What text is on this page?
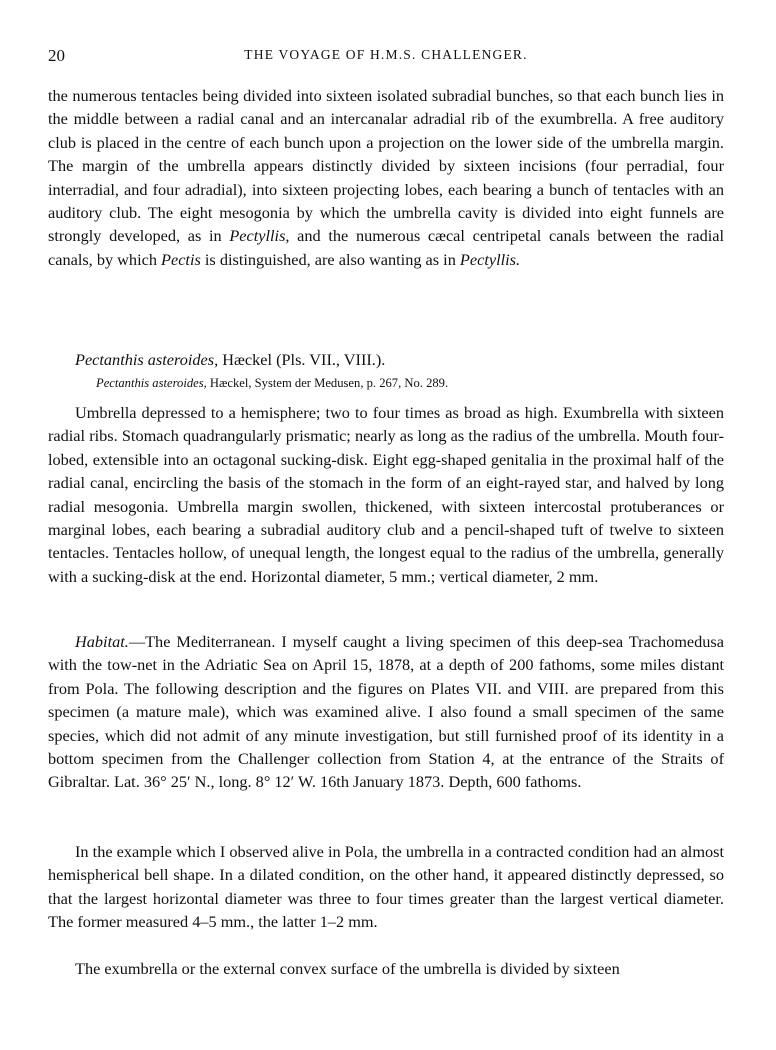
20	THE VOYAGE OF H.M.S. CHALLENGER.

the numerous tentacles being divided into sixteen isolated subradial bunches, so that each bunch lies in the middle between a radial canal and an intercanalar adradial rib of the exumbrella. A free auditory club is placed in the centre of each bunch upon a projection on the lower side of the umbrella margin. The margin of the umbrella appears distinctly divided by sixteen incisions (four perradial, four interradial, and four adradial), into sixteen projecting lobes, each bearing a bunch of tentacles with an auditory club. The eight mesogonia by which the umbrella cavity is divided into eight funnels are strongly developed, as in Pectyllis, and the numerous cæcal centripetal canals between the radial canals, by which Pectis is distinguished, are also wanting as in Pectyllis.

Pectanthis asteroides, Hæckel (Pls. VII., VIII.).

Pectanthis asteroides, Hæckel, System der Medusen, p. 267, No. 289.

Umbrella depressed to a hemisphere; two to four times as broad as high. Exumbrella with sixteen radial ribs. Stomach quadrangularly prismatic; nearly as long as the radius of the umbrella. Mouth four-lobed, extensible into an octagonal sucking-disk. Eight egg-shaped genitalia in the proximal half of the radial canal, encircling the basis of the stomach in the form of an eight-rayed star, and halved by long radial mesogonia. Umbrella margin swollen, thickened, with sixteen intercostal protuberances or marginal lobes, each bearing a subradial auditory club and a pencil-shaped tuft of twelve to sixteen tentacles. Tentacles hollow, of unequal length, the longest equal to the radius of the umbrella, generally with a sucking-disk at the end. Horizontal diameter, 5 mm.; vertical diameter, 2 mm.

Habitat.—The Mediterranean. I myself caught a living specimen of this deep-sea Trachomedusa with the tow-net in the Adriatic Sea on April 15, 1878, at a depth of 200 fathoms, some miles distant from Pola. The following description and the figures on Plates VII. and VIII. are prepared from this specimen (a mature male), which was examined alive. I also found a small specimen of the same species, which did not admit of any minute investigation, but still furnished proof of its identity in a bottom specimen from the Challenger collection from Station 4, at the entrance of the Straits of Gibraltar. Lat. 36° 25′ N., long. 8° 12′ W. 16th January 1873. Depth, 600 fathoms.

In the example which I observed alive in Pola, the umbrella in a contracted condition had an almost hemispherical bell shape. In a dilated condition, on the other hand, it appeared distinctly depressed, so that the largest horizontal diameter was three to four times greater than the largest vertical diameter. The former measured 4–5 mm., the latter 1–2 mm.

The exumbrella or the external convex surface of the umbrella is divided by sixteen
